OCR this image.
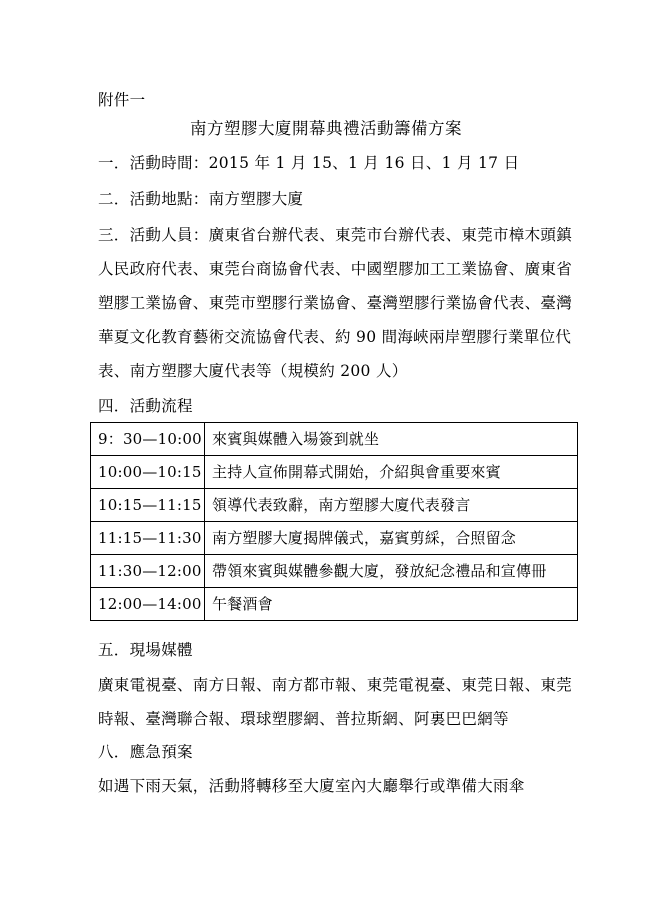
附件一
南方塑膠大廈開幕典禮活動籌備方案
一．活動時間：2015 年 1 月 15、1 月 16 日、1 月 17 日
二．活動地點：南方塑膠大廈
三．活動人員：廣東省台辦代表、東莞市台辦代表、東莞市樟木頭鎮
人民政府代表、東莞台商協會代表、中國塑膠加工工業協會、廣東省
塑膠工業協會、東莞市塑膠行業協會、臺灣塑膠行業協會代表、臺灣
華夏文化教育藝術交流協會代表、約 90 間海峽兩岸塑膠行業單位代
表、南方塑膠大廈代表等（規模約 200 人）
四．活動流程
9：30—10:00	來賓與媒體入場簽到就坐
10:00—10:15	主持人宣佈開幕式開始，介紹與會重要來賓
10:15—11:15	領導代表致辭，南方塑膠大廈代表發言
11:15—11:30	南方塑膠大廈揭牌儀式，嘉賓剪綵，合照留念
11:30—12:00	帶領來賓與媒體參觀大廈，發放紀念禮品和宣傳冊
12:00—14:00	午餐酒會
五．現場媒體
廣東電視臺、南方日報、南方都市報、東莞電視臺、東莞日報、東莞
時報、臺灣聯合報、環球塑膠網、普拉斯網、阿裏巴巴網等
八．應急預案
如遇下雨天氣，活動將轉移至大廈室內大廳舉行或準備大雨傘
